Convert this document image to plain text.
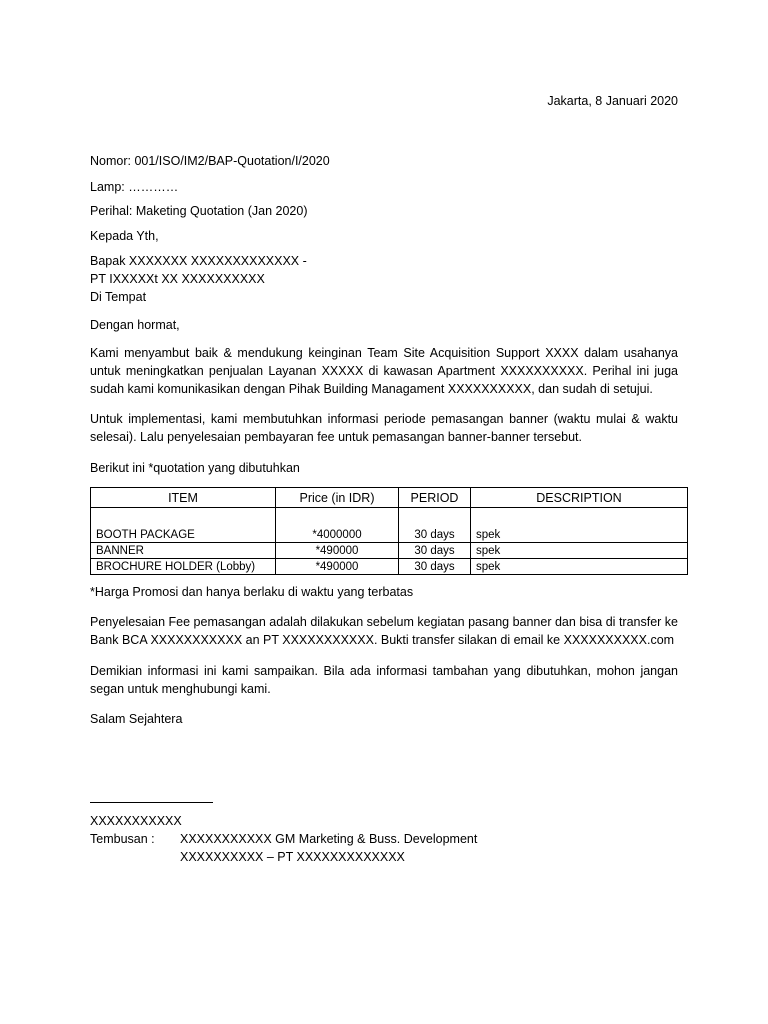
Jakarta, 8 Januari 2020
Nomor: 001/ISO/IM2/BAP-Quotation/I/2020
Lamp: …………
Perihal: Maketing Quotation (Jan 2020)
Kepada Yth,
Bapak XXXXXXX XXXXXXXXXXXXX -
PT IXXXXXt XX XXXXXXXXXX
Di Tempat
Dengan hormat,
Kami menyambut baik & mendukung keinginan Team Site Acquisition Support XXXX dalam usahanya untuk meningkatkan penjualan Layanan XXXXX di kawasan Apartment XXXXXXXXXX. Perihal ini juga sudah kami komunikasikan dengan Pihak Building Managament XXXXXXXXXX, dan sudah di setujui.
Untuk implementasi, kami membutuhkan informasi periode pemasangan banner (waktu mulai & waktu selesai). Lalu penyelesaian pembayaran fee untuk pemasangan banner-banner tersebut.
Berikut ini *quotation yang dibutuhkan
ITEM	Price (in IDR)	PERIOD	DESCRIPTION
BOOTH PACKAGE	*4000000	30 days	spek
BANNER	*490000	30 days	spek
BROCHURE HOLDER (Lobby)	*490000	30 days	spek
*Harga Promosi dan hanya berlaku di waktu yang terbatas
Penyelesaian Fee pemasangan adalah dilakukan sebelum kegiatan pasang banner dan bisa di transfer ke Bank BCA XXXXXXXXXXX an PT XXXXXXXXXXX. Bukti transfer silakan di email ke XXXXXXXXXX.com
Demikian informasi ini kami sampaikan. Bila ada informasi tambahan yang dibutuhkan, mohon jangan segan untuk menghubungi kami.
Salam Sejahtera
XXXXXXXXXXX
Tembusan : XXXXXXXXXXX GM Marketing & Buss. Development
XXXXXXXXXX – PT XXXXXXXXXXXXX
